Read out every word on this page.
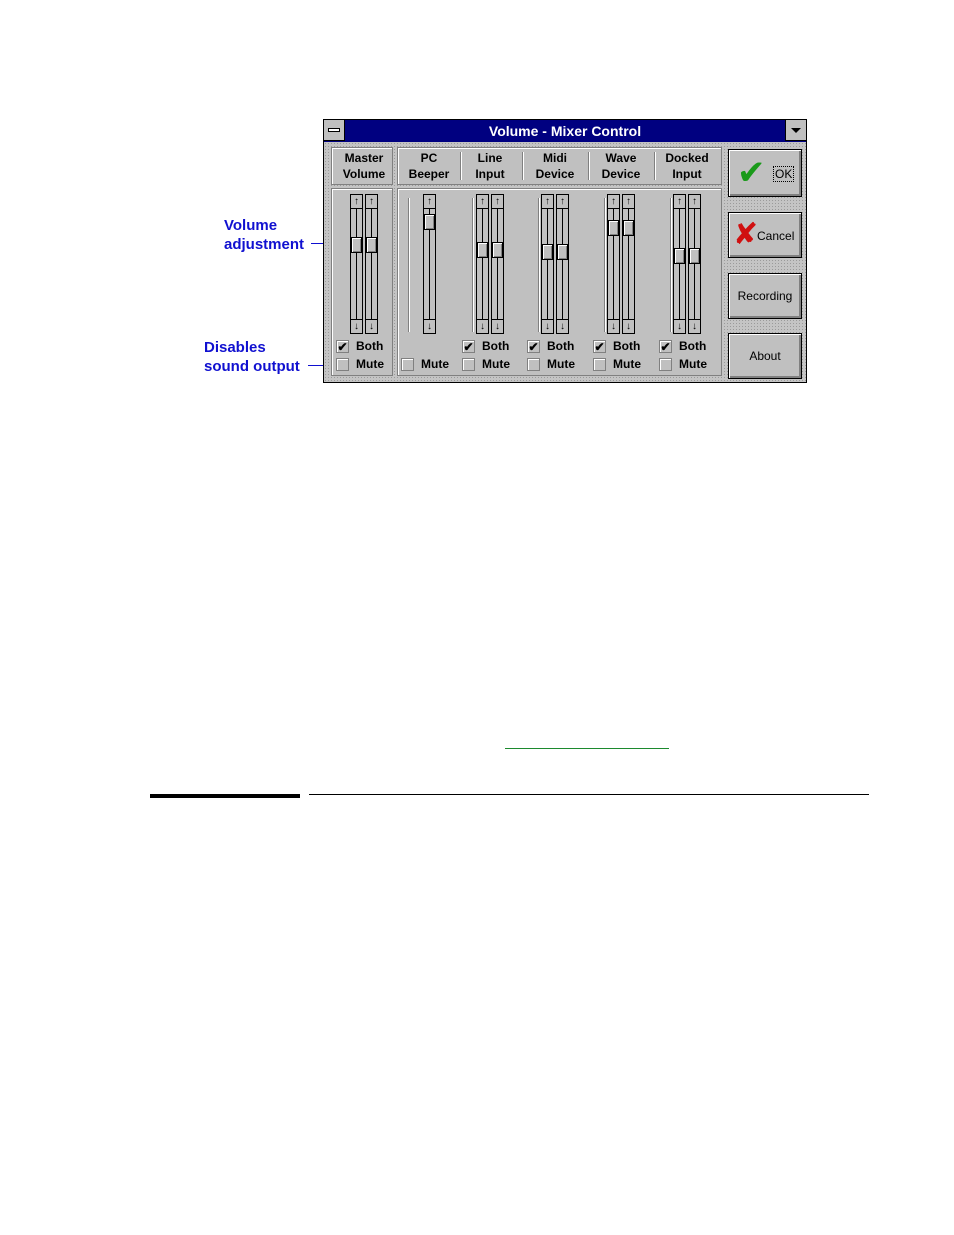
Volume
adjustment
Disables
sound output
Volume - Mixer Control
Master
Volume
↑
↓
↑
↓
✔ Both
Mute
PC
Beeper
↑
↓
Mute
Line
Input
↑
↓
↑
↓
✔ Both
Mute
Midi
Device
↑
↓
↑
↓
✔ Both
Mute
Wave
Device
↑
↓
↑
↓
✔ Both
Mute
Docked
Input
↑
↓
↑
↓
✔ Both
Mute
✔ OK
✘
Cancel
Recording
About
